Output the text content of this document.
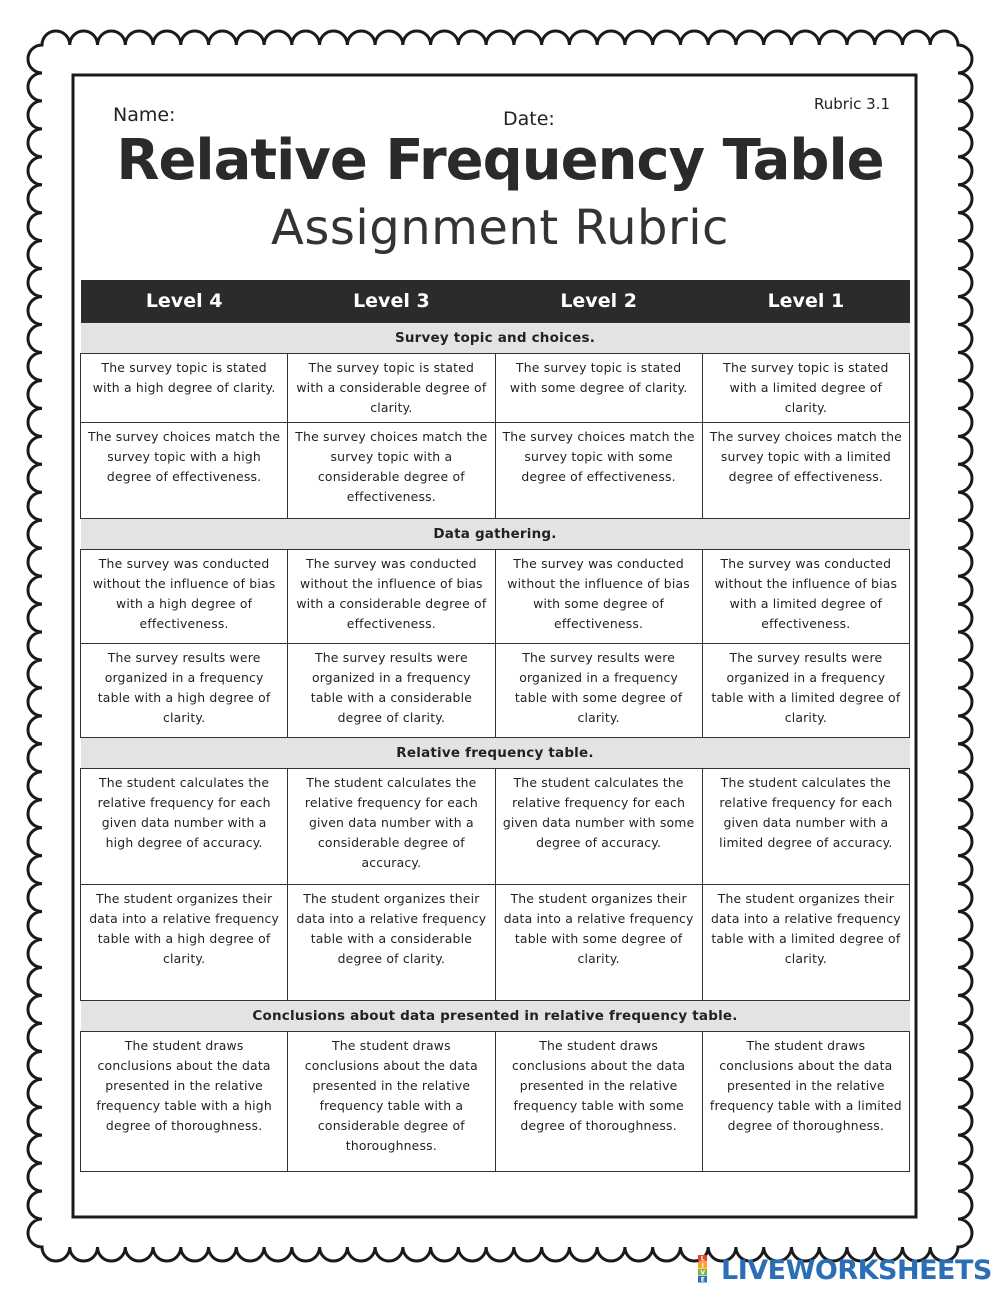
Name:	Date:
Rubric 3.1
Relative Frequency Table
Assignment Rubric
Level 4	Level 3	Level 2	Level 1
Survey topic and choices.			
The survey topic is stated with a high degree of clarity.	The survey topic is stated with a considerable degree of clarity.	The survey topic is stated with some degree of clarity.	The survey topic is stated with a limited degree of clarity.
The survey choices match the survey topic with a high degree of effectiveness.	The survey choices match the survey topic with a considerable degree of effectiveness.	The survey choices match the survey topic with some degree of effectiveness.	The survey choices match the survey topic with a limited degree of effectiveness.
Data gathering.			
The survey was conducted without the influence of bias with a high degree of effectiveness.	The survey was conducted without the influence of bias with a considerable degree of effectiveness.	The survey was conducted without the influence of bias with some degree of effectiveness.	The survey was conducted without the influence of bias with a limited degree of effectiveness.
The survey results were organized in a frequency table with a high degree of clarity.	The survey results were organized in a frequency table with a considerable degree of clarity.	The survey results were organized in a frequency table with some degree of clarity.	The survey results were organized in a frequency table with a limited degree of clarity.
Relative frequency table.			
The student calculates the relative frequency for each given data number with a high degree of accuracy.	The student calculates the relative frequency for each given data number with a considerable degree of accuracy.	The student calculates the relative frequency for each given data number with some degree of accuracy.	The student calculates the relative frequency for each given data number with a limited degree of accuracy.
The student organizes their data into a relative frequency table with a high degree of clarity.	The student organizes their data into a relative frequency table with a considerable degree of clarity.	The student organizes their data into a relative frequency table with some degree of clarity.	The student organizes their data into a relative frequency table with a limited degree of clarity.
Conclusions about data presented in relative frequency table.			
The student draws conclusions about the data presented in the relative frequency table with a high degree of thoroughness.	The student draws conclusions about the data presented in the relative frequency table with a considerable degree of thoroughness.	The student draws conclusions about the data presented in the relative frequency table with some degree of thoroughness.	The student draws conclusions about the data presented in the relative frequency table with a limited degree of thoroughness.
L
I
V
E LIVEWORKSHEETS
